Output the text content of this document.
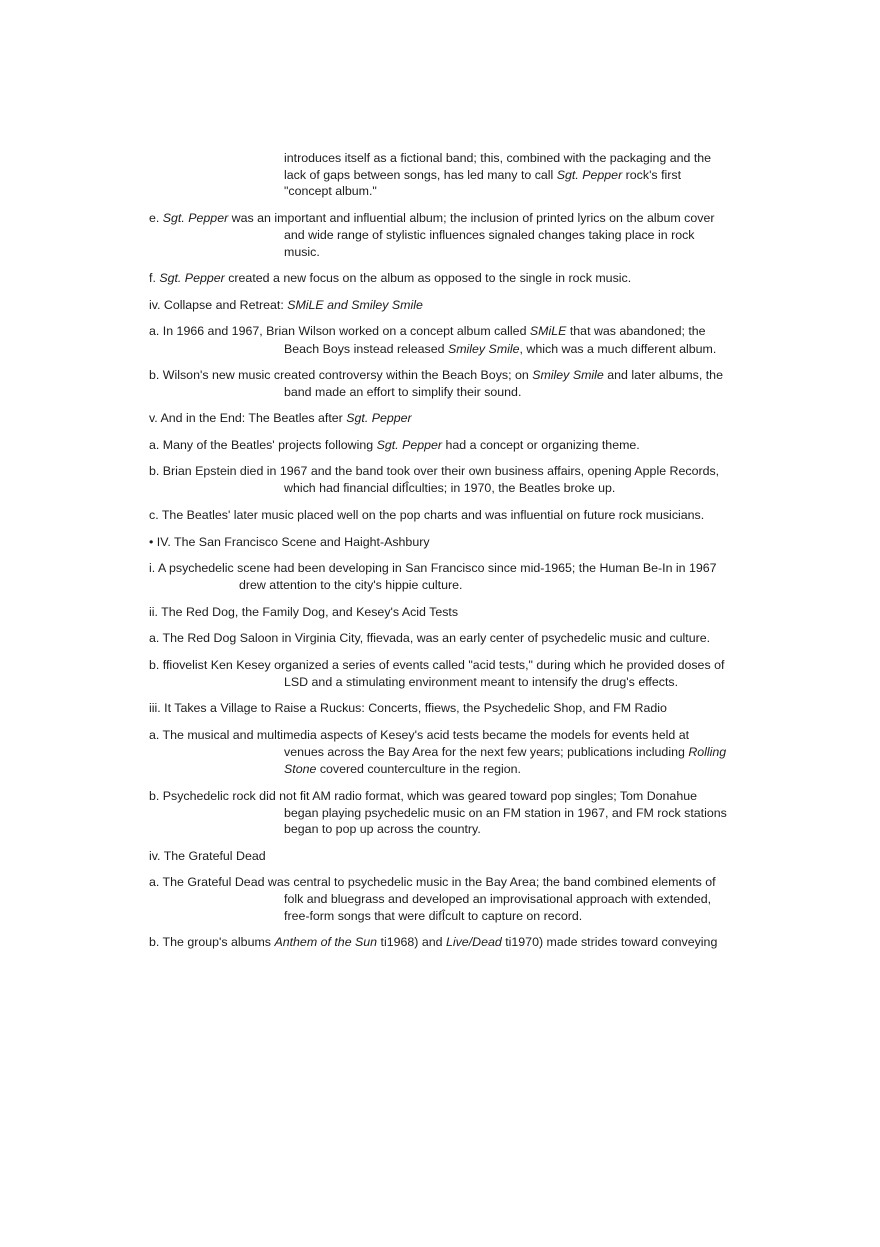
introduces itself as a fictional band; this, combined with the packaging and the
lack of gaps between songs, has led many to call Sgt. Pepper rock's first
"concept album."
e. Sgt. Pepper was an important and influential album; the inclusion of printed lyrics on the album cover
and wide range of stylistic influences signaled changes taking place in rock
music.
f. Sgt. Pepper created a new focus on the album as opposed to the single in rock music.
iv. Collapse and Retreat: SMiLE and Smiley Smile
a. In 1966 and 1967, Brian Wilson worked on a concept album called SMiLE that was abandoned; the
Beach Boys instead released Smiley Smile, which was a much different album.
b. Wilson's new music created controversy within the Beach Boys; on Smiley Smile and later albums, the
band made an effort to simplify their sound.
v. And in the End: The Beatles after Sgt. Pepper
a. Many of the Beatles' projects following Sgt. Pepper had a concept or organizing theme.
b. Brian Epstein died in 1967 and the band took over their own business affairs, opening Apple Records,
which had financial difÎculties; in 1970, the Beatles broke up.
c. The Beatles' later music placed well on the pop charts and was influential on future rock musicians.
• IV. The San Francisco Scene and Haight-Ashbury
i. A psychedelic scene had been developing in San Francisco since mid-1965; the Human Be-In in 1967
drew attention to the city's hippie culture.
ii. The Red Dog, the Family Dog, and Kesey's Acid Tests
a. The Red Dog Saloon in Virginia City, ffievada, was an early center of psychedelic music and culture.
b. ffiovelist Ken Kesey organized a series of events called "acid tests," during which he provided doses of
LSD and a stimulating environment meant to intensify the drug's effects.
iii. It Takes a Village to Raise a Ruckus: Concerts, ffiews, the Psychedelic Shop, and FM Radio
a. The musical and multimedia aspects of Kesey's acid tests became the models for events held at
venues across the Bay Area for the next few years; publications including Rolling
Stone covered counterculture in the region.
b. Psychedelic rock did not fit AM radio format, which was geared toward pop singles; Tom Donahue
began playing psychedelic music on an FM station in 1967, and FM rock stations
began to pop up across the country.
iv. The Grateful Dead
a. The Grateful Dead was central to psychedelic music in the Bay Area; the band combined elements of
folk and bluegrass and developed an improvisational approach with extended,
free-form songs that were difÎcult to capture on record.
b. The group's albums Anthem of the Sun ti1968) and Live/Dead ti1970) made strides toward conveying
